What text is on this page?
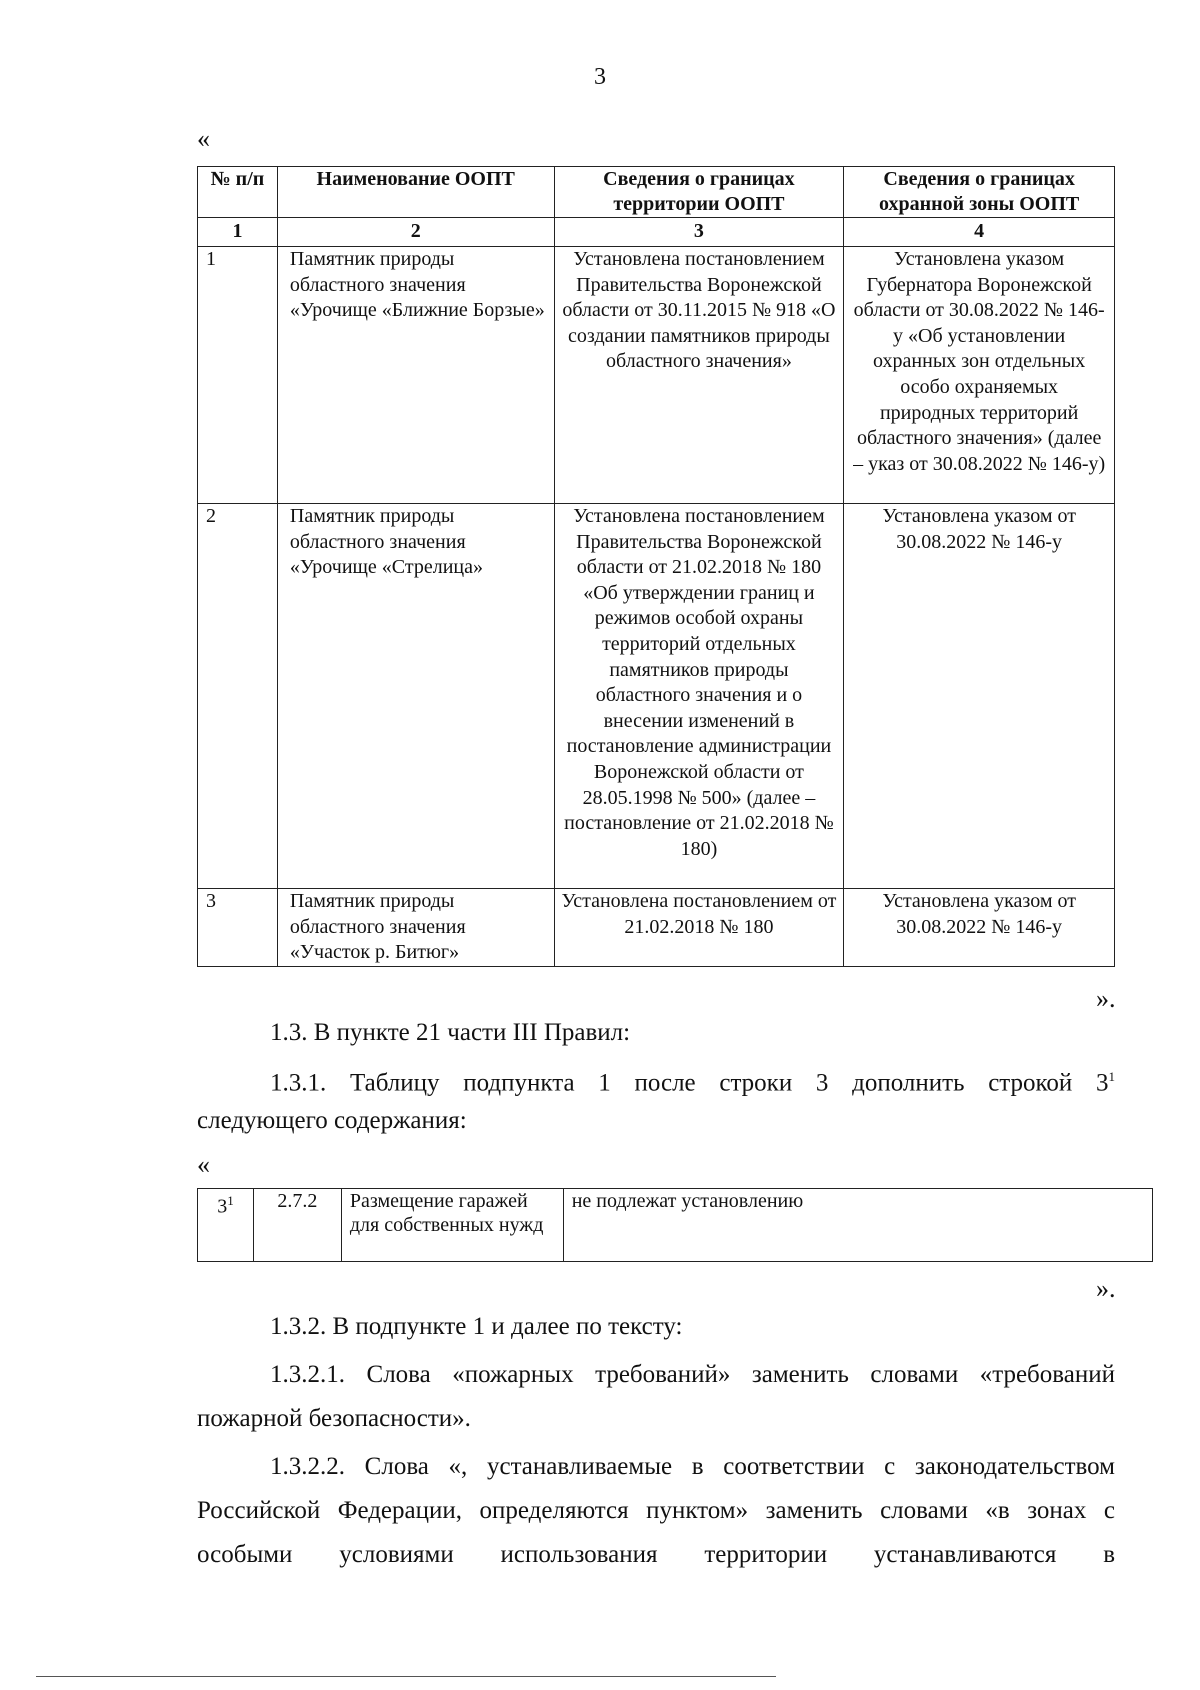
3
«
№ п/п	Наименование ООПТ	Сведения о границах территории ООПТ	Сведения о границах охранной зоны ООПТ
1	2	3	4
1	Памятник природы областного значения «Урочище «Ближние Борзые»	Установлена постановлением Правительства Воронежской области от 30.11.2015 № 918 «О создании памятников природы областного значения»	Установлена указом Губернатора Воронежской области от 30.08.2022 № 146-у «Об установлении охранных зон отдельных особо охраняемых природных территорий областного значения» (далее – указ от 30.08.2022 № 146-у)
2	Памятник природы областного значения «Урочище «Стрелица»	Установлена постановлением Правительства Воронежской области от 21.02.2018 № 180 «Об утверждении границ и режимов особой охраны территорий отдельных памятников природы областного значения и о внесении изменений в постановление администрации Воронежской области от 28.05.1998 № 500» (далее – постановление от 21.02.2018 № 180)	Установлена указом от 30.08.2022 № 146-у
3	Памятник природы областного значения «Участок р. Битюг»	Установлена постановлением от 21.02.2018 № 180	Установлена указом от 30.08.2022 № 146-у
».
1.3. В пункте 21 части III Правил:
1.3.1. Таблицу подпункта 1 после строки 3 дополнить строкой $3^1$
следующего содержания:
«
$3^1$	2.7.2	Размещение гаражей для собственных нужд	не подлежат установлению
».
1.3.2. В подпункте 1 и далее по тексту:
1.3.2.1. Слова «пожарных требований» заменить словами «требований
пожарной безопасности».
1.3.2.2. Слова «, устанавливаемые в соответствии с законодательством
Российской Федерации, определяются пунктом» заменить словами «в зонах с
особыми условиями использования территории устанавливаются в
